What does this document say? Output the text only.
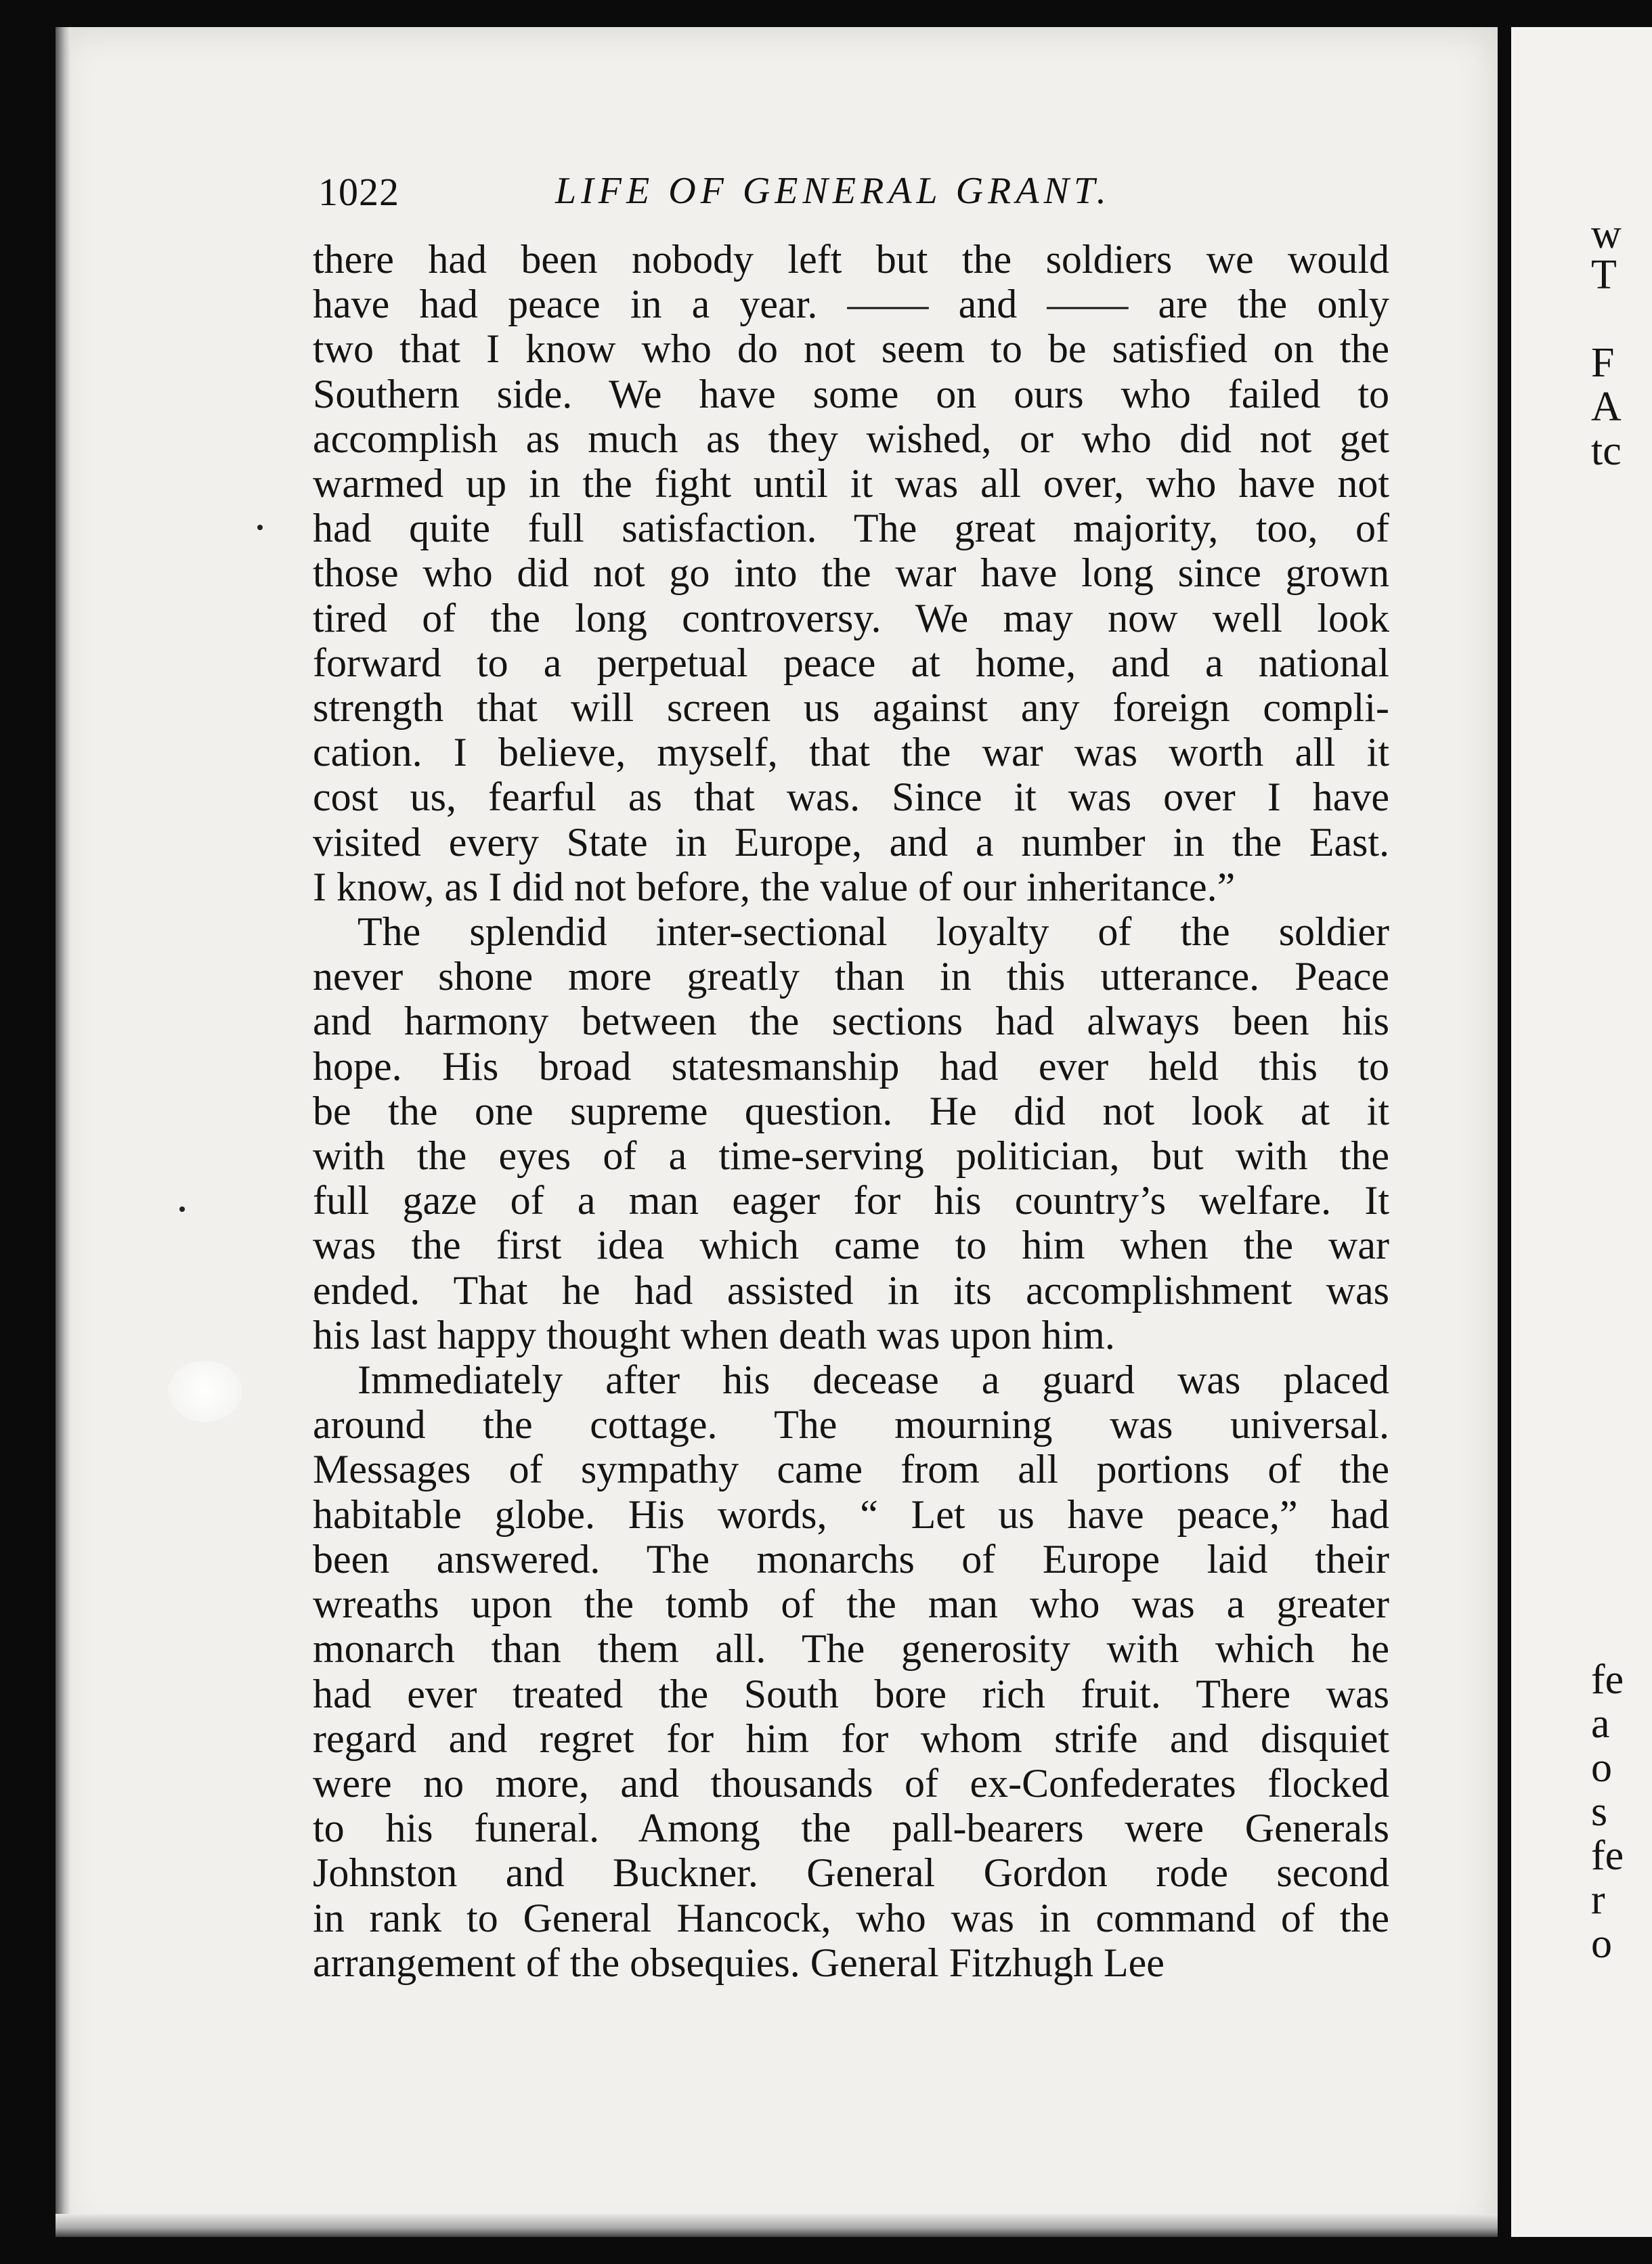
w
T
F
A
tc
fe
a
o
s
fe
r
o
1022	LIFE OF GENERAL GRANT.

there had been nobody left but the soldiers we would
have had peace in a year. —— and —— are the only
two that I know who do not seem to be satisfied on the
Southern side. We have some on ours who failed to
accomplish as much as they wished, or who did not get
warmed up in the fight until it was all over, who have not
had quite full satisfaction. The great majority, too, of
those who did not go into the war have long since grown
tired of the long controversy. We may now well look
forward to a perpetual peace at home, and a national
strength that will screen us against any foreign compli-
cation. I believe, myself, that the war was worth all it
cost us, fearful as that was. Since it was over I have
visited every State in Europe, and a number in the East.
I know, as I did not before, the value of our inheritance.”

The splendid inter-sectional loyalty of the soldier
never shone more greatly than in this utterance. Peace
and harmony between the sections had always been his
hope. His broad statesmanship had ever held this to
be the one supreme question. He did not look at it
with the eyes of a time-serving politician, but with the
full gaze of a man eager for his country’s welfare. It
was the first idea which came to him when the war
ended. That he had assisted in its accomplishment was
his last happy thought when death was upon him.

Immediately after his decease a guard was placed
around the cottage. The mourning was universal.
Messages of sympathy came from all portions of the
habitable globe. His words, “ Let us have peace,” had
been answered. The monarchs of Europe laid their
wreaths upon the tomb of the man who was a greater
monarch than them all. The generosity with which he
had ever treated the South bore rich fruit. There was
regard and regret for him for whom strife and disquiet
were no more, and thousands of ex-Confederates flocked
to his funeral. Among the pall-bearers were Generals
Johnston and Buckner. General Gordon rode second
in rank to General Hancock, who was in command of the
arrangement of the obsequies. General Fitzhugh Lee
